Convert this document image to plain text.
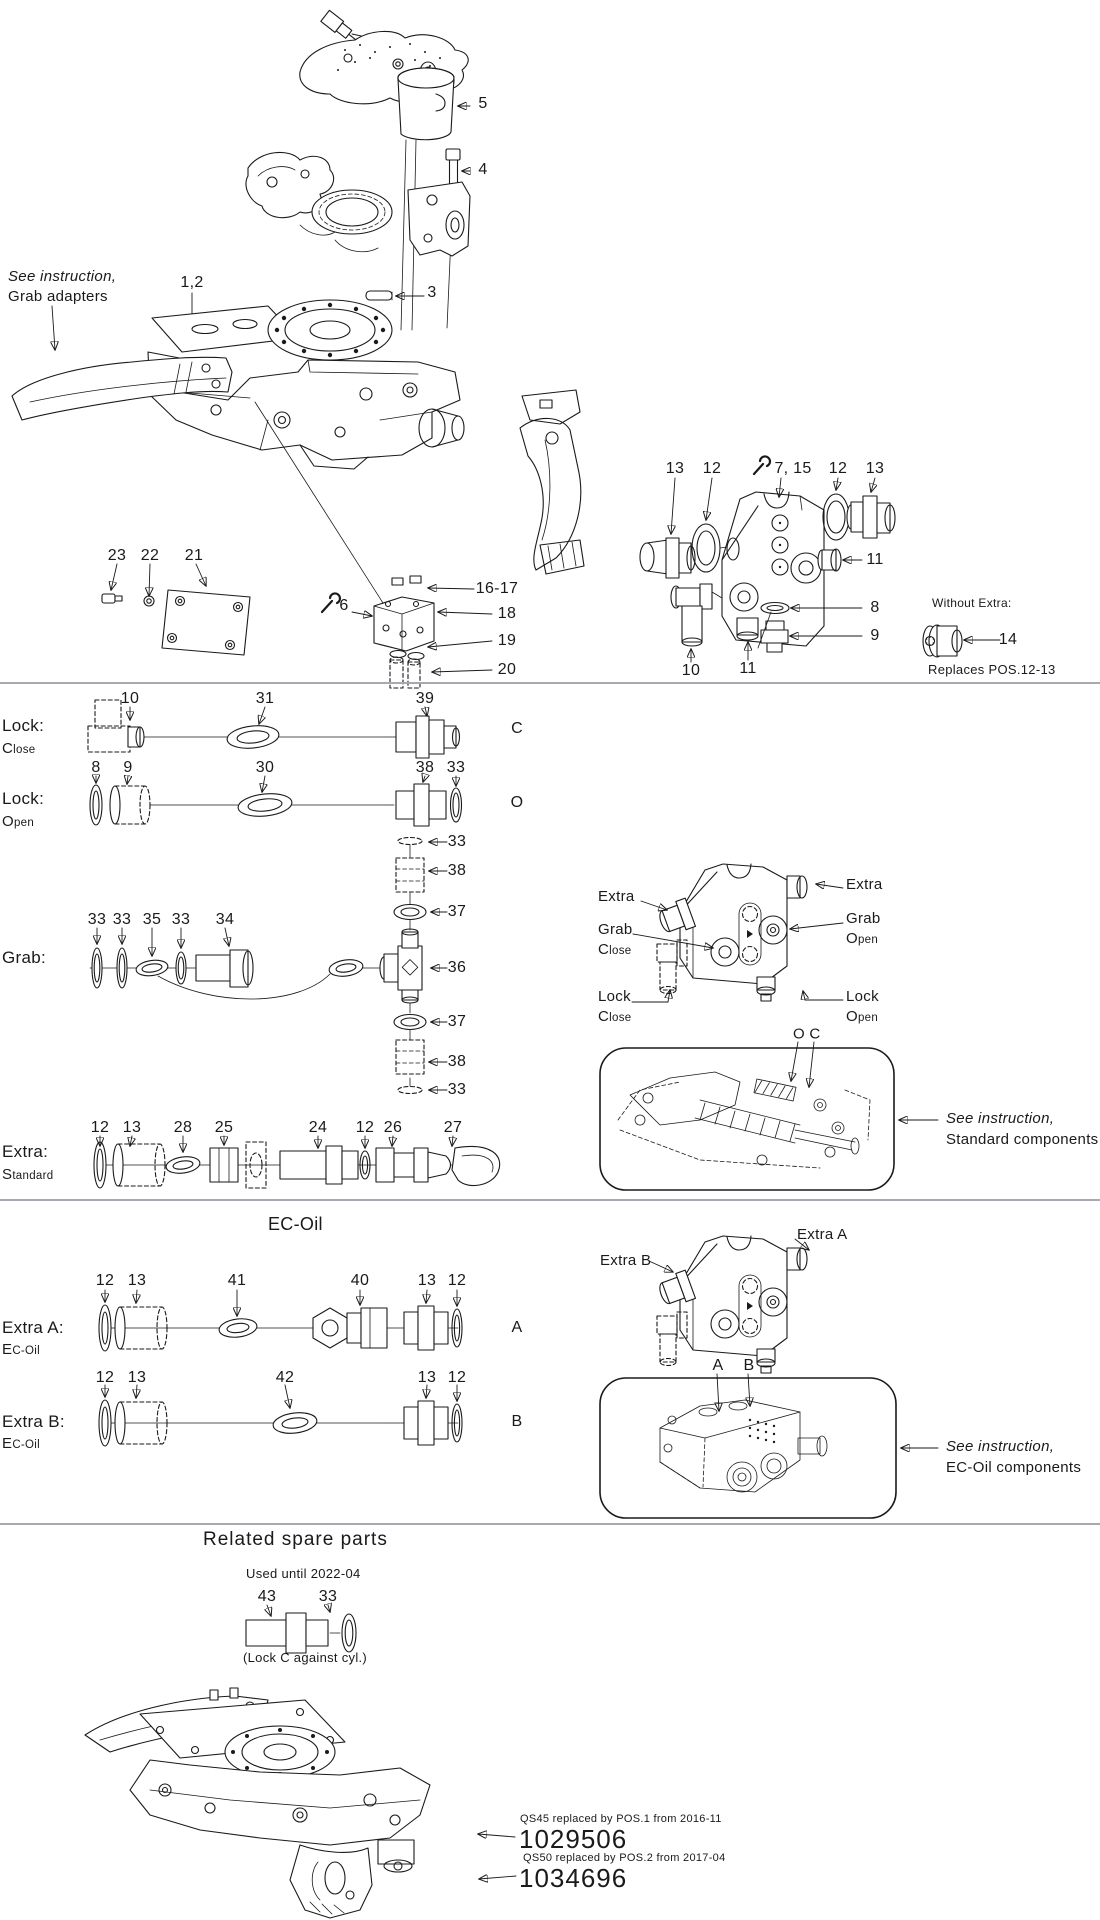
See instruction,
Grab adapters
1,2
5
4
3
23 22 21
6
16-17
18
19
20
13 12	7, 15 12 13
11
8
9
10 11
Without Extra:
14
Replaces POS.12-13
Lock:
Close
10	31	39
C
Lock:
Open
8 9	30	38 33
O
Grab:
33 33 35 33 34
33
38
37
36
37
38
33
Extra
Grab
Close
Lock
Close
Extra
Grab
Open
Lock
Open
O C
See instruction,
Standard components
Extra:
Standard
12 13 28 25	24 12 26	27
EC-Oil
Extra A:
EC-Oil
12 13	41	40	13 12
A
Extra B:
EC-Oil
12 13	42	13 12
B
Extra B
Extra A
A B
See instruction,
EC-Oil components
Related spare parts
Used until 2022-04
43	33
(Lock C against cyl.)
QS45 replaced by POS.1 from 2016-11
1029506
QS50 replaced by POS.2 from 2017-04
1034696
